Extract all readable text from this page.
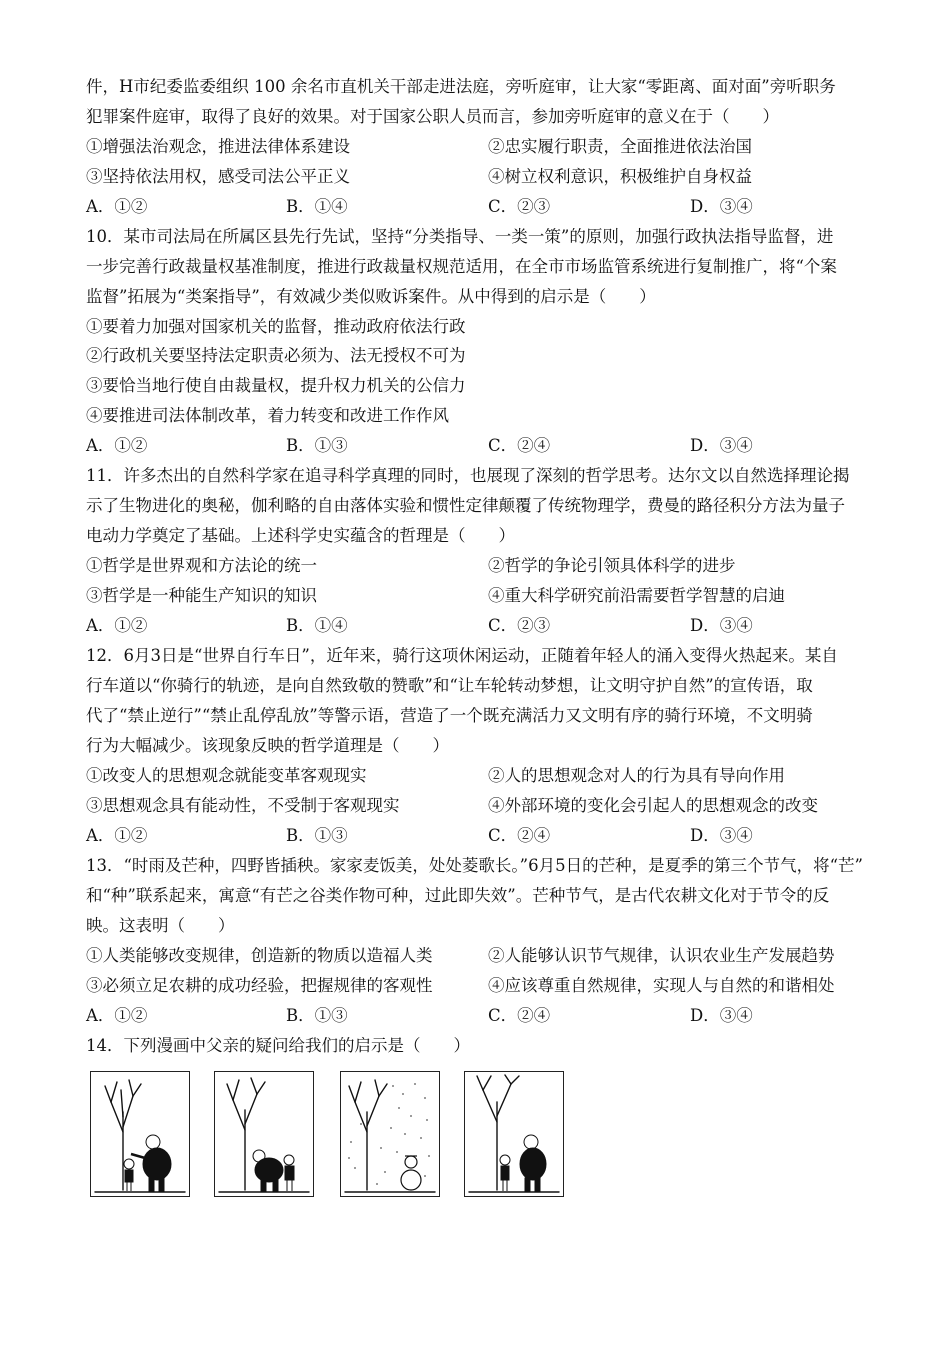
件，H市纪委监委组织 100 余名市直机关干部走进法庭，旁听庭审，让大家“零距离、面对面”旁听职务
犯罪案件庭审，取得了良好的效果。对于国家公职人员而言，参加旁听庭审的意义在于（　　）
①增强法治观念，推进法律体系建设	②忠实履行职责，全面推进依法治国
③坚持依法用权，感受司法公平正义	④树立权利意识，积极维护自身权益
A．①②	B．①④	C．②③	D．③④
10．某市司法局在所属区县先行先试，坚持“分类指导、一类一策”的原则，加强行政执法指导监督，进
一步完善行政裁量权基准制度，推进行政裁量权规范适用，在全市市场监管系统进行复制推广，将“个案
监督”拓展为“类案指导”，有效减少类似败诉案件。从中得到的启示是（　　）
①要着力加强对国家机关的监督，推动政府依法行政
②行政机关要坚持法定职责必须为、法无授权不可为
③要恰当地行使自由裁量权，提升权力机关的公信力
④要推进司法体制改革，着力转变和改进工作作风
A．①②	B．①③	C．②④	D．③④
11．许多杰出的自然科学家在追寻科学真理的同时，也展现了深刻的哲学思考。达尔文以自然选择理论揭
示了生物进化的奥秘，伽利略的自由落体实验和惯性定律颠覆了传统物理学，费曼的路径积分方法为量子
电动力学奠定了基础。上述科学史实蕴含的哲理是（　　）
①哲学是世界观和方法论的统一	②哲学的争论引领具体科学的进步
③哲学是一种能生产知识的知识	④重大科学研究前沿需要哲学智慧的启迪
A．①②	B．①④	C．②③	D．③④
12．6月3日是“世界自行车日”，近年来，骑行这项休闲运动，正随着年轻人的涌入变得火热起来。某自
行车道以“你骑行的轨迹，是向自然致敬的赞歌”和“让车轮转动梦想，让文明守护自然”的宣传语，取
代了“禁止逆行”“禁止乱停乱放”等警示语，营造了一个既充满活力又文明有序的骑行环境，不文明骑
行为大幅减少。该现象反映的哲学道理是（　　）
①改变人的思想观念就能变革客观现实	②人的思想观念对人的行为具有导向作用
③思想观念具有能动性，不受制于客观现实	④外部环境的变化会引起人的思想观念的改变
A．①②	B．①③	C．②④	D．③④
13．“时雨及芒种，四野皆插秧。家家麦饭美，处处菱歌长。”6月5日的芒种，是夏季的第三个节气，将“芒”
和“种”联系起来，寓意“有芒之谷类作物可种，过此即失效”。芒种节气，是古代农耕文化对于节令的反
映。这表明（　　）
①人类能够改变规律，创造新的物质以造福人类	②人能够认识节气规律，认识农业生产发展趋势
③必须立足农耕的成功经验，把握规律的客观性	④应该尊重自然规律，实现人与自然的和谐相处
A．①②	B．①③	C．②④	D．③④
14．下列漫画中父亲的疑问给我们的启示是（　　）
